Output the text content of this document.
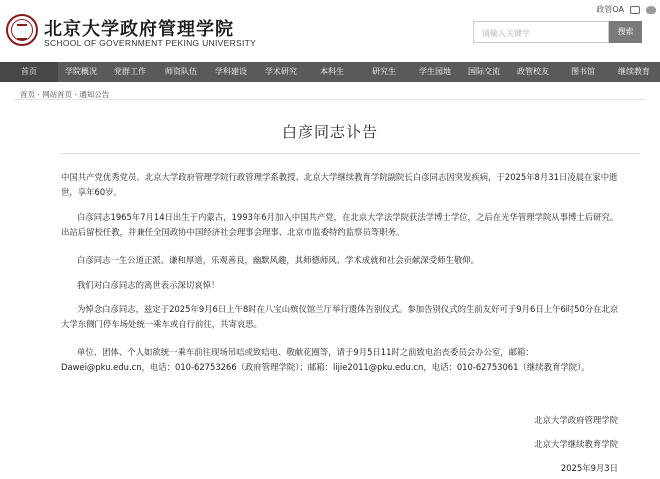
北京大学政府管理学院
SCHOOL OF GOVERNMENT PEKING UNIVERSITY
政管OA
请输入关键字	搜索
首页	学院概况	党群工作	师资队伍	学科建设	学术研究	本科生	研究生	学生园地	国际交流	政管校友	图书馆	继续教育
首页 · 网站首页 · 通知公告
白彦同志讣告
中国共产党优秀党员、北京大学政府管理学院行政管理学系教授、北京大学继续教育学院副院长白彦同志因突发疾病，于2025年8月31日凌晨在家中逝世，享年60岁。
白彦同志1965年7月14日出生于内蒙古，1993年6月加入中国共产党，在北京大学法学院获法学博士学位，之后在光华管理学院从事博士后研究。出站后留校任教，并兼任全国政协中国经济社会理事会理事、北京市监委特约监察员等职务。
白彦同志一生公道正派、谦和厚道，乐观善良，幽默风趣，其师德师风、学术成就和社会贡献深受师生敬仰。
我们对白彦同志的离世表示深切哀悼！
为悼念白彦同志，兹定于2025年9月6日上午8时在八宝山殡仪馆兰厅举行遗体告别仪式。参加告别仪式的生前友好可于9月6日上午6时50分在北京大学东侧门停车场处统一乘车或自行前往，共寄哀思。
单位、团体、个人如欲统一乘车前往现场吊唁或致唁电、敬献花圈等，请于9月5日11时之前致电治丧委员会办公室，邮箱：Dawei@pku.edu.cn，电话：010-62753266（政府管理学院）；邮箱：lijie2011@pku.edu.cn，电话：010-62753061（继续教育学院）。
北京大学政府管理学院
北京大学继续教育学院
2025年9月3日
